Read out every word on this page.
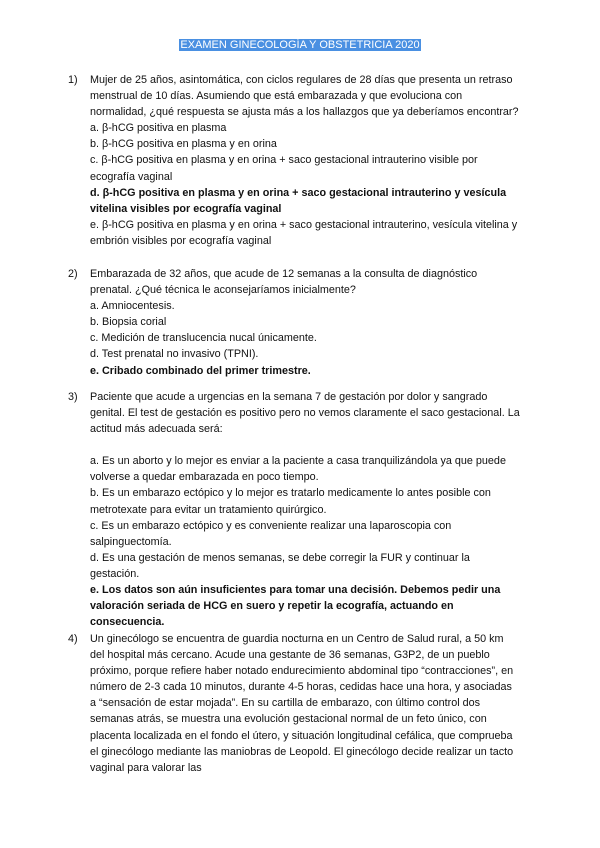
EXAMEN GINECOLOGÍA Y OBSTETRICIA 2020
1) Mujer de 25 años, asintomática, con ciclos regulares de 28 días que presenta un retraso menstrual de 10 días. Asumiendo que está embarazada y que evoluciona con normalidad, ¿qué respuesta se ajusta más a los hallazgos que ya deberíamos encontrar?

a. β-hCG positiva en plasma

b. β-hCG positiva en plasma y en orina

c. β-hCG positiva en plasma y en orina + saco gestacional intrauterino visible por ecografía vaginal

d. β-hCG positiva en plasma y en orina + saco gestacional intrauterino y vesícula vitelina visibles por ecografía vaginal

e. β-hCG positiva en plasma y en orina + saco gestacional intrauterino, vesícula vitelina y embrión visibles por ecografía vaginal

2) Embarazada de 32 años, que acude de 12 semanas a la consulta de diagnóstico prenatal. ¿Qué técnica le aconsejaríamos inicialmente?

a. Amniocentesis.

b. Biopsia corial

c. Medición de translucencia nucal únicamente.

d. Test prenatal no invasivo (TPNI).

e. Cribado combinado del primer trimestre.

3) Paciente que acude a urgencias en la semana 7 de gestación por dolor y sangrado genital. El test de gestación es positivo pero no vemos claramente el saco gestacional. La actitud más adecuada será:

a. Es un aborto y lo mejor es enviar a la paciente a casa tranquilizándola ya que puede volverse a quedar embarazada en poco tiempo.

b. Es un embarazo ectópico y lo mejor es tratarlo medicamente lo antes posible con metrotexate para evitar un tratamiento quirúrgico.

c. Es un embarazo ectópico y es conveniente realizar una laparoscopia con salpinguectomía.

d. Es una gestación de menos semanas, se debe corregir la FUR y continuar la gestación.

e. Los datos son aún insuficientes para tomar una decisión. Debemos pedir una valoración seriada de HCG en suero y repetir la ecografía, actuando en consecuencia.

4) Un ginecólogo se encuentra de guardia nocturna en un Centro de Salud rural, a 50 km del hospital más cercano. Acude una gestante de 36 semanas, G3P2, de un pueblo próximo, porque refiere haber notado endurecimiento abdominal tipo “contracciones”, en número de 2-3 cada 10 minutos, durante 4-5 horas, cedidas hace una hora, y asociadas a “sensación de estar mojada”. En su cartilla de embarazo, con último control dos semanas atrás, se muestra una evolución gestacional normal de un feto único, con placenta localizada en el fondo el útero, y situación longitudinal cefálica, que comprueba el ginecólogo mediante las maniobras de Leopold. El ginecólogo decide realizar un tacto vaginal para valorar las
